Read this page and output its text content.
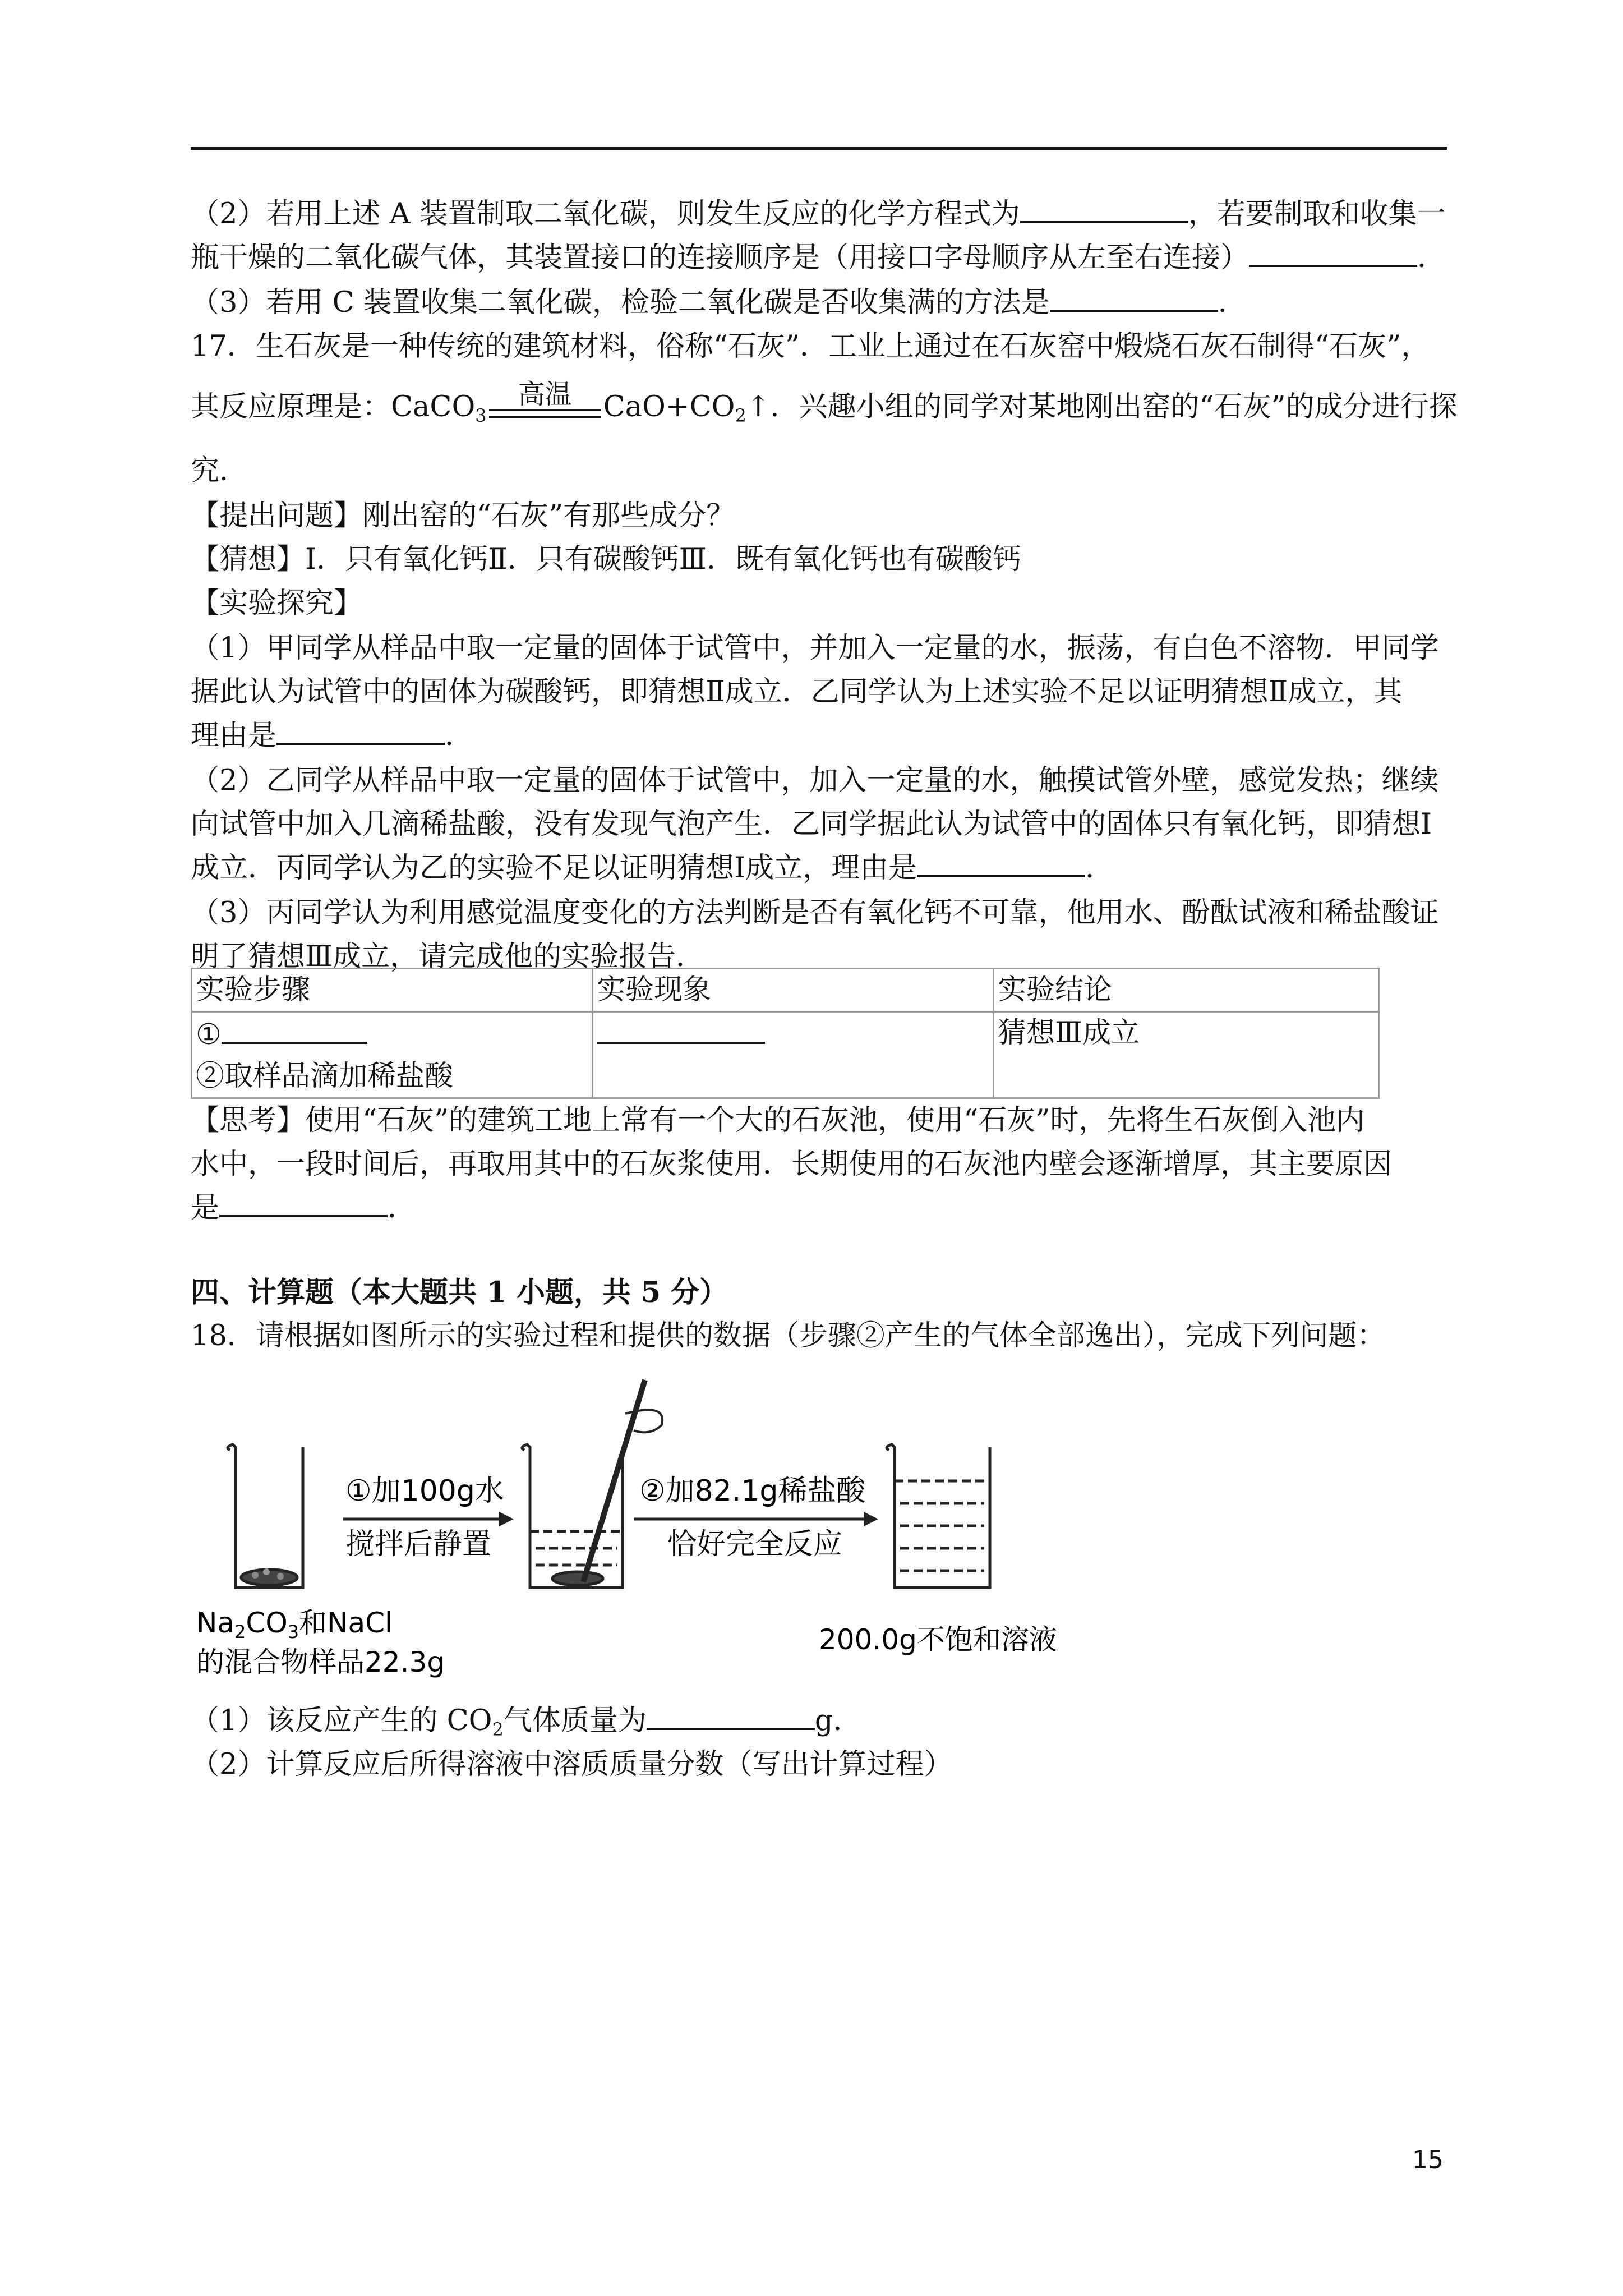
（2）若用上述 A 装置制取二氧化碳，则发生反应的化学方程式为	，若要制取和收集一
瓶干燥的二氧化碳气体，其装置接口的连接顺序是（用接口字母顺序从左至右连接）	．
（3）若用 C 装置收集二氧化碳，检验二氧化碳是否收集满的方法是	．
17．生石灰是一种传统的建筑材料，俗称“石灰”．工业上通过在石灰窑中煅烧石灰石制得“石灰”，
其反应原理是：CaCO$_3$
高温	$CaO+CO_2↑$．兴趣小组的同学对某地刚出窑的“石灰”的成分进行探
究．
【提出问题】刚出窑的“石灰”有那些成分？
【猜想】Ⅰ．只有氧化钙Ⅱ．只有碳酸钙Ⅲ．既有氧化钙也有碳酸钙
【实验探究】
（1）甲同学从样品中取一定量的固体于试管中，并加入一定量的水，振荡，有白色不溶物．甲同学
据此认为试管中的固体为碳酸钙，即猜想Ⅱ成立．乙同学认为上述实验不足以证明猜想Ⅱ成立，其
理由是	．
（2）乙同学从样品中取一定量的固体于试管中，加入一定量的水，触摸试管外壁，感觉发热；继续
向试管中加入几滴稀盐酸，没有发现气泡产生．乙同学据此认为试管中的固体只有氧化钙，即猜想Ⅰ
成立．丙同学认为乙的实验不足以证明猜想Ⅰ成立，理由是	．
（3）丙同学认为利用感觉温度变化的方法判断是否有氧化钙不可靠，他用水、酚酞试液和稀盐酸证
明了猜想Ⅲ成立，请完成他的实验报告．
实验步骤	实验现象	实验结论

①
②取样品滴加稀盐酸		猜想Ⅲ成立
【思考】使用“石灰”的建筑工地上常有一个大的石灰池，使用“石灰”时，先将生石灰倒入池内
水中，一段时间后，再取用其中的石灰浆使用．长期使用的石灰池内壁会逐渐增厚，其主要原因
是	．
四、计算题（本大题共 1 小题，共 5 分）
18．请根据如图所示的实验过程和提供的数据（步骤②产生的气体全部逸出），完成下列问题：
①加100g水
搅拌后静置
②加82.1g稀盐酸
恰好完全反应
$Na_2CO_3$和NaCl
的混合物样品22.3g
200.0g不饱和溶液
（1）该反应产生的 $CO_2$气体质量为	g．
（2）计算反应后所得溶液中溶质质量分数（写出计算过程）
15
